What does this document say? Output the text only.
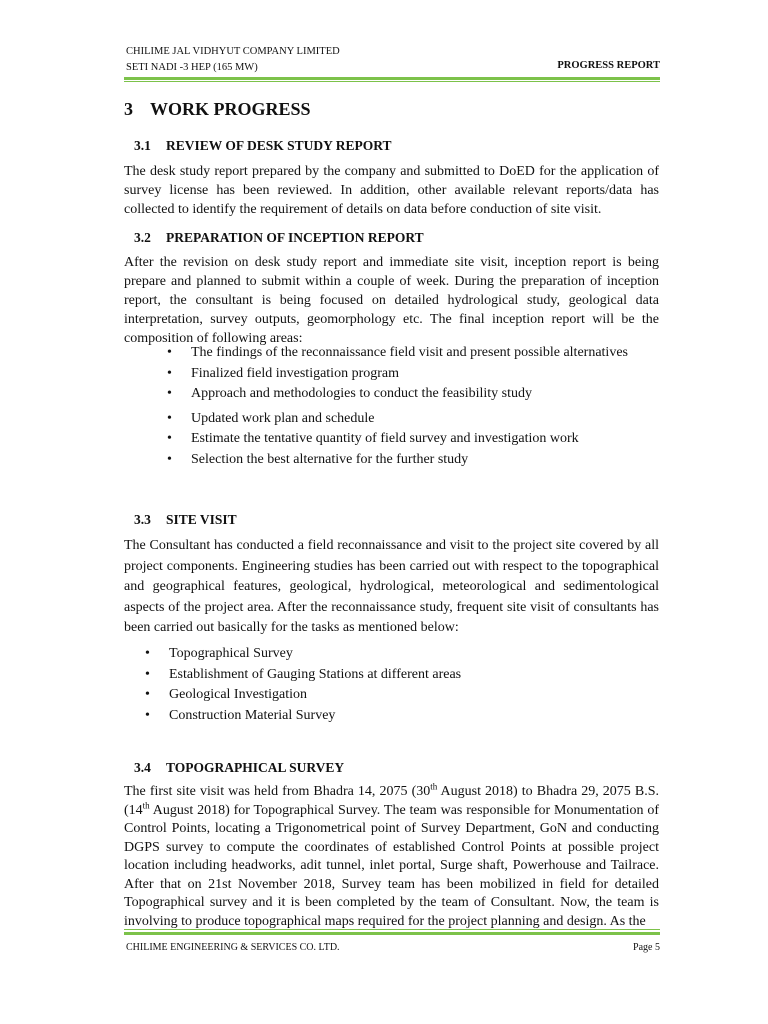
CHILIME JAL VIDHYUT COMPANY LIMITED
SETI NADI -3 HEP (165 MW)	PROGRESS REPORT
3 WORK PROGRESS
3.1 REVIEW OF DESK STUDY REPORT

The desk study report prepared by the company and submitted to DoED for the application of survey license has been reviewed. In addition, other available relevant reports/data has collected to identify the requirement of details on data before conduction of site visit.

3.2 PREPARATION OF INCEPTION REPORT

After the revision on desk study report and immediate site visit, inception report is being prepare and planned to submit within a couple of week. During the preparation of inception report, the consultant is being focused on detailed hydrological study, geological data interpretation, survey outputs, geomorphology etc. The final inception report will be the composition of following areas:

• The findings of the reconnaissance field visit and present possible alternatives
• Finalized field investigation program
• Approach and methodologies to conduct the feasibility study
• Updated work plan and schedule
• Estimate the tentative quantity of field survey and investigation work
• Selection the best alternative for the further study
3.3 SITE VISIT

The Consultant has conducted a field reconnaissance and visit to the project site covered by all project components. Engineering studies has been carried out with respect to the topographical and geographical features, geological, hydrological, meteorological and sedimentological aspects of the project area. After the reconnaissance study, frequent site visit of consultants has been carried out basically for the tasks as mentioned below:

• Topographical Survey
• Establishment of Gauging Stations at different areas
• Geological Investigation
• Construction Material Survey
3.4 TOPOGRAPHICAL SURVEY

The first site visit was held from Bhadra 14, 2075 (30th August 2018) to Bhadra 29, 2075 B.S. (14th August 2018) for Topographical Survey. The team was responsible for Monumentation of Control Points, locating a Trigonometrical point of Survey Department, GoN and conducting DGPS survey to compute the coordinates of established Control Points at possible project location including headworks, adit tunnel, inlet portal, Surge shaft, Powerhouse and Tailrace. After that on 21st November 2018, Survey team has been mobilized in field for detailed Topographical survey and it is been completed by the team of Consultant. Now, the team is involving to produce topographical maps required for the project planning and design. As the

CHILIME ENGINEERING & SERVICES CO. LTD.	Page 5
